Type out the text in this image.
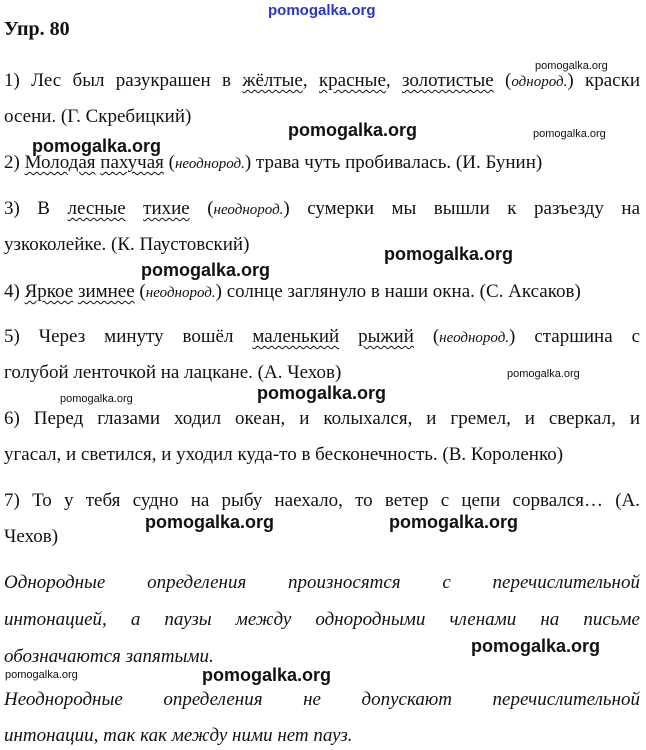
pomogalka.org
Упр. 80
1) Лес был разукрашен в жёлтые, красные, золотистые (однород.) краски
осени. (Г. Скребицкий)
2) Молодая пахучая (неоднород.) трава чуть пробивалась. (И. Бунин)
3) В лесные тихие (неоднород.) сумерки мы вышли к разъезду на
узкоколейке. (К. Паустовский)
4) Яркое зимнее (неоднород.) солнце заглянуло в наши окна. (С. Аксаков)
5) Через минуту вошёл маленький рыжий (неоднород.) старшина с
голубой ленточкой на лацкане. (А. Чехов)
6) Перед глазами ходил океан, и колыхался, и гремел, и сверкал, и
угасал, и светился, и уходил куда-то в бесконечность. (В. Короленко)
7) То у тебя судно на рыбу наехало, то ветер с цепи сорвался… (А.
Чехов)
Однородные определения произносятся с перечислительной
интонацией, а паузы между однородными членами на письме
обозначаются запятыми.
Неоднородные определения не допускают перечислительной
интонации, так как между ними нет пауз.
pomogalka.org
pomogalka.org	pomogalka.org
pomogalka.org
pomogalka.org
pomogalka.org
pomogalka.org
pomogalka.org
pomogalka.org
pomogalka.org	pomogalka.org
pomogalka.org
pomogalka.org
pomogalka.org
